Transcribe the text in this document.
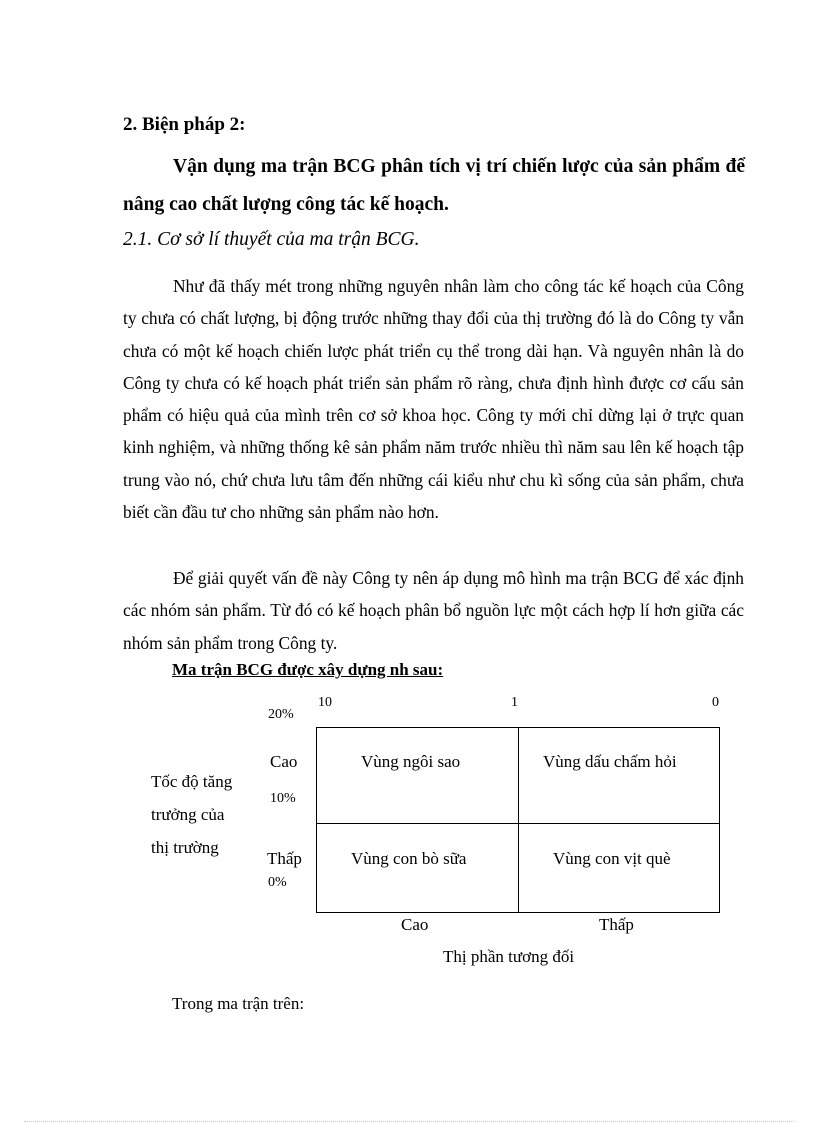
2. Biện pháp 2:
Vận dụng ma trận BCG phân tích vị trí chiến lược của sản phẩm để nâng cao chất lượng công tác kế hoạch.
2.1. Cơ sở lí thuyết của ma trận BCG.
Như đã thấy mét trong những nguyên nhân làm cho công tác kế hoạch của Công ty chưa có chất lượng, bị động trước những thay đổi của thị trường đó là do Công ty vẫn chưa có một kế hoạch chiến lược phát triển cụ thể trong dài hạn. Và nguyên nhân là do Công ty chưa có kế hoạch phát triển sản phẩm rõ ràng, chưa định hình được cơ cấu sản phẩm có hiệu quả của mình trên cơ sở khoa học. Công ty mới chỉ dừng lại ở trực quan kinh nghiệm, và những thống kê sản phẩm năm trước nhiều thì năm sau lên kế hoạch tập trung vào nó, chứ chưa lưu tâm đến những cái kiểu như chu kì sống của sản phẩm, chưa biết cần đầu tư cho những sản phẩm nào hơn.
Để giải quyết vấn đề này Công ty nên áp dụng mô hình ma trận BCG để xác định các nhóm sản phẩm. Từ đó có kế hoạch phân bổ nguồn lực một cách hợp lí hơn giữa các nhóm sản phẩm trong Công ty.
Ma trận BCG được xây dựng nh sau:
10	1	0
20%
10%
0%
Cao
Thấp
Tốc độ tăng
trưởng của
thị trường
Vùng ngôi sao	Vùng dấu chấm hỏi
Vùng con bò sữa	Vùng con vịt què
Cao	Thấp
Thị phần tương đối
Trong ma trận trên:
